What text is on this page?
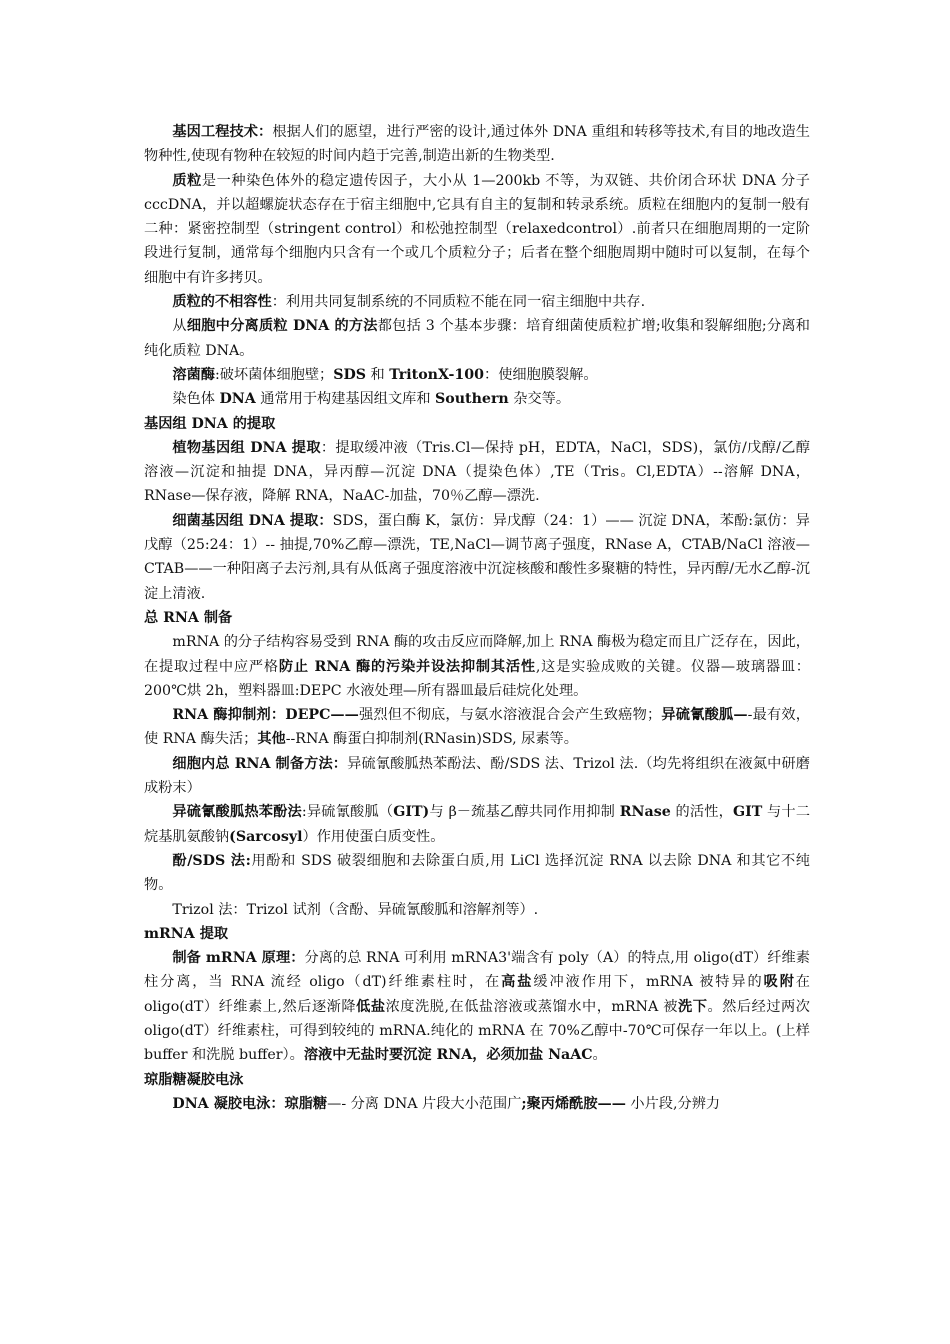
基因工程技术：根据人们的愿望，进行严密的设计,通过体外 DNA 重组和转移等技术,有目的地改造生物种性,使现有物种在较短的时间内趋于完善,制造出新的生物类型.

质粒是一种染色体外的稳定遗传因子，大小从 1—200kb 不等，为双链、共价闭合环状 DNA 分子 cccDNA，并以超螺旋状态存在于宿主细胞中,它具有自主的复制和转录系统。质粒在细胞内的复制一般有二种：紧密控制型（stringent control）和松弛控制型（relaxedcontrol）.前者只在细胞周期的一定阶段进行复制，通常每个细胞内只含有一个或几个质粒分子；后者在整个细胞周期中随时可以复制，在每个细胞中有许多拷贝。

质粒的不相容性：利用共同复制系统的不同质粒不能在同一宿主细胞中共存.

从细胞中分离质粒 DNA 的方法都包括 3 个基本步骤：培育细菌使质粒扩增;收集和裂解细胞;分离和纯化质粒 DNA。

溶菌酶:破坏菌体细胞壁；SDS 和 TritonX-100：使细胞膜裂解。

染色体 DNA 通常用于构建基因组文库和 Southern 杂交等。

基因组 DNA 的提取

植物基因组 DNA 提取：提取缓冲液（Tris.Cl—保持 pH，EDTA，NaCl，SDS)，氯仿/戊醇/乙醇溶液—沉淀和抽提 DNA，异丙醇—沉淀 DNA（提染色体）,TE（Tris。Cl,EDTA）--溶解 DNA，RNase—保存液，降解 RNA，NaAC-加盐，70％乙醇—漂洗.

细菌基因组 DNA 提取：SDS，蛋白酶 K，氯仿：异戊醇（24：1）—— 沉淀 DNA，苯酚:氯仿：异戊醇（25:24：1）-- 抽提,70%乙醇—漂洗，TE,NaCl—调节离子强度，RNase A，CTAB/NaCl 溶液—CTAB——一种阳离子去污剂,具有从低离子强度溶液中沉淀核酸和酸性多聚糖的特性，异丙醇/无水乙醇-沉淀上清液.

总 RNA 制备

mRNA 的分子结构容易受到 RNA 酶的攻击反应而降解,加上 RNA 酶极为稳定而且广泛存在，因此，在提取过程中应严格防止 RNA 酶的污染并设法抑制其活性,这是实验成败的关键。仪器—玻璃器皿：200℃烘 2h，塑料器皿:DEPC 水液处理—所有器皿最后硅烷化处理。

RNA 酶抑制剂：DEPC——强烈但不彻底，与氨水溶液混合会产生致癌物；异硫氰酸胍—-最有效，使 RNA 酶失活；其他--RNA 酶蛋白抑制剂(RNasin)SDS, 尿素等。

细胞内总 RNA 制备方法：异硫氰酸胍热苯酚法、酚/SDS 法、Trizol 法.（均先将组织在液氮中研磨成粉末）

异硫氰酸胍热苯酚法:异硫氰酸胍（GIT)与 β－巯基乙醇共同作用抑制 RNase 的活性，GIT 与十二烷基肌氨酸钠(Sarcosyl）作用使蛋白质变性。

酚/SDS 法:用酚和 SDS 破裂细胞和去除蛋白质,用 LiCl 选择沉淀 RNA 以去除 DNA 和其它不纯物。

Trizol 法：Trizol 试剂（含酚、异硫氰酸胍和溶解剂等）.

mRNA 提取

制备 mRNA 原理：分离的总 RNA 可利用 mRNA3'端含有 poly（A）的特点,用 oligo(dT）纤维素柱分离，当 RNA 流经 oligo（dT)纤维素柱时，在高盐缓冲液作用下，mRNA 被特异的吸附在 oligo(dT）纤维素上,然后逐渐降低盐浓度洗脱,在低盐溶液或蒸馏水中，mRNA 被洗下。然后经过两次 oligo(dT）纤维素柱，可得到较纯的 mRNA.纯化的 mRNA 在 70%乙醇中-70℃可保存一年以上。(上样 buffer 和洗脱 buffer）。溶液中无盐时要沉淀 RNA，必须加盐 NaAC。

琼脂糖凝胶电泳

DNA 凝胶电泳：琼脂糖—- 分离 DNA 片段大小范围广;聚丙烯酰胺—— 小片段,分辨力
